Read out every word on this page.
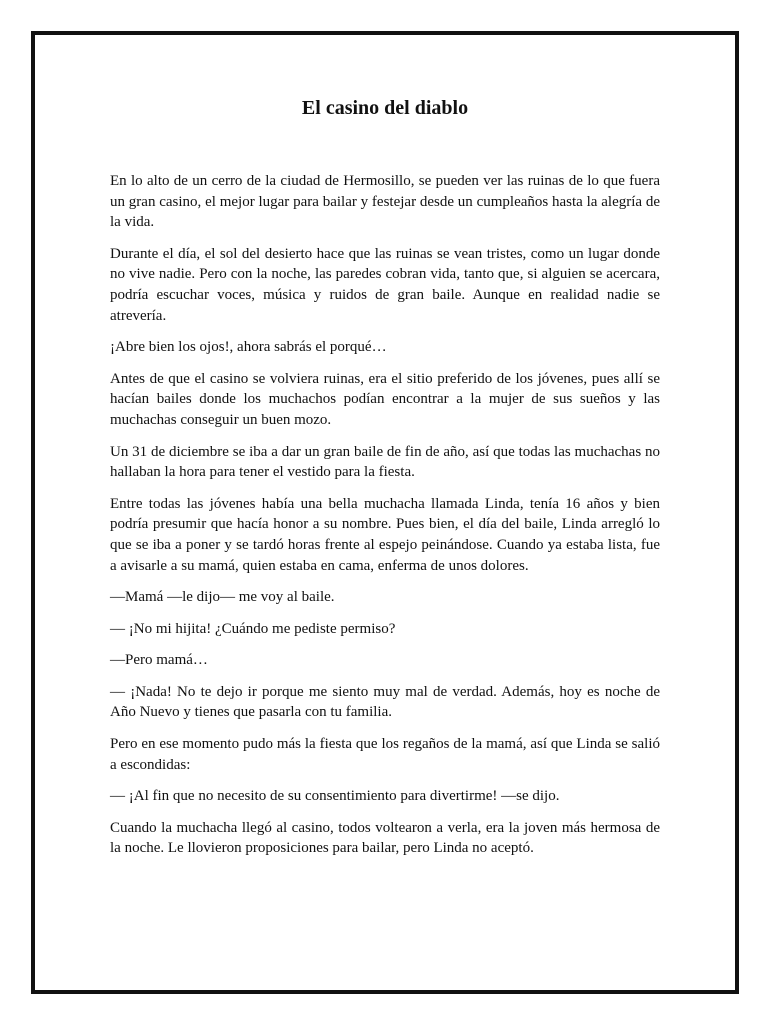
El casino del diablo

En lo alto de un cerro de la ciudad de Hermosillo, se pueden ver las ruinas de lo que fuera un gran casino, el mejor lugar para bailar y festejar desde un cumpleaños hasta la alegría de la vida.

Durante el día, el sol del desierto hace que las ruinas se vean tristes, como un lugar donde no vive nadie. Pero con la noche, las paredes cobran vida, tanto que, si alguien se acercara, podría escuchar voces, música y ruidos de gran baile. Aunque en realidad nadie se atrevería.

¡Abre bien los ojos!, ahora sabrás el porqué…

Antes de que el casino se volviera ruinas, era el sitio preferido de los jóvenes, pues allí se hacían bailes donde los muchachos podían encontrar a la mujer de sus sueños y las muchachas conseguir un buen mozo.

Un 31 de diciembre se iba a dar un gran baile de fin de año, así que todas las muchachas no hallaban la hora para tener el vestido para la fiesta.

Entre todas las jóvenes había una bella muchacha llamada Linda, tenía 16 años y bien podría presumir que hacía honor a su nombre. Pues bien, el día del baile, Linda arregló lo que se iba a poner y se tardó horas frente al espejo peinándose. Cuando ya estaba lista, fue a avisarle a su mamá, quien estaba en cama, enferma de unos dolores.

—Mamá —le dijo— me voy al baile.

— ¡No mi hijita! ¿Cuándo me pediste permiso?

—Pero mamá…

— ¡Nada! No te dejo ir porque me siento muy mal de verdad. Además, hoy es noche de Año Nuevo y tienes que pasarla con tu familia.

Pero en ese momento pudo más la fiesta que los regaños de la mamá, así que Linda se salió a escondidas:

— ¡Al fin que no necesito de su consentimiento para divertirme! —se dijo.

Cuando la muchacha llegó al casino, todos voltearon a verla, era la joven más hermosa de la noche. Le llovieron proposiciones para bailar, pero Linda no aceptó.
